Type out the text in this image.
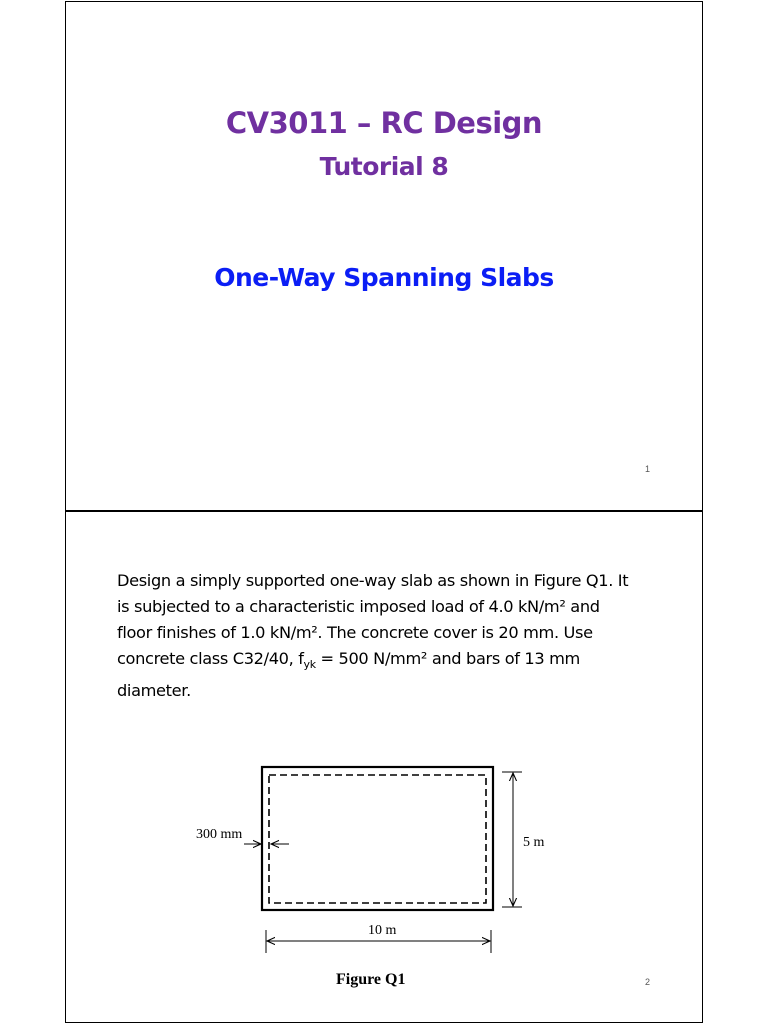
CV3011 – RC Design
Tutorial 8
One-Way Spanning Slabs
1
Design a simply supported one-way slab as shown in Figure Q1. It
is subjected to a characteristic imposed load of 4.0 kN/m² and
floor finishes of 1.0 kN/m². The concrete cover is 20 mm. Use
concrete class C32/40, $f_{yk} = 500$ N/mm² and bars of 13 mm
diameter.
300 mm
5 m
10 m
Figure Q1	2
